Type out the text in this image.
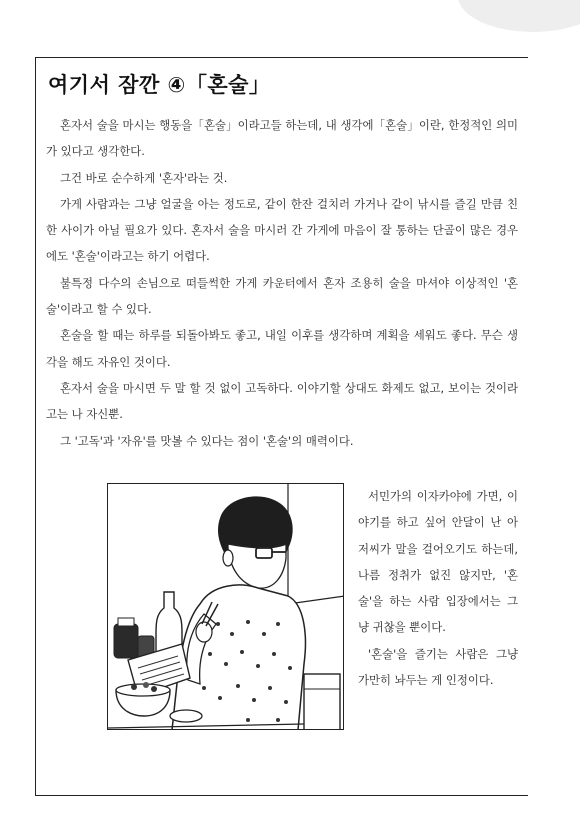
여기서 잠깐 ④「혼술」

혼자서 술을 마시는 행동을「혼술」이라고들 하는데, 내 생각에「혼술」이란, 한정적인 의미가 있다고 생각한다.

그건 바로 순수하게 '혼자'라는 것.

가게 사람과는 그냥 얼굴을 아는 정도로, 같이 한잔 걸치러 가거나 같이 낚시를 즐길 만큼 친한 사이가 아닐 필요가 있다. 혼자서 술을 마시러 간 가게에 마음이 잘 통하는 단골이 많은 경우에도 '혼술'이라고는 하기 어렵다.

불특정 다수의 손님으로 떠들썩한 가게 카운터에서 혼자 조용히 술을 마셔야 이상적인 '혼술'이라고 할 수 있다.

혼술을 할 때는 하루를 되돌아봐도 좋고, 내일 이후를 생각하며 계획을 세워도 좋다. 무슨 생각을 해도 자유인 것이다.

혼자서 술을 마시면 두 말 할 것 없이 고독하다. 이야기할 상대도 화제도 없고, 보이는 것이라고는 나 자신뿐.

그 '고독'과 '자유'를 맛볼 수 있다는 점이 '혼술'의 매력이다.

서민가의 이자카야에 가면, 이야기를 하고 싶어 안달이 난 아저씨가 말을 걸어오기도 하는데, 나름 정취가 없진 않지만, '혼술'을 하는 사람 입장에서는 그냥 귀찮을 뿐이다.

'혼술'을 즐기는 사람은 그냥 가만히 놔두는 게 인정이다.
